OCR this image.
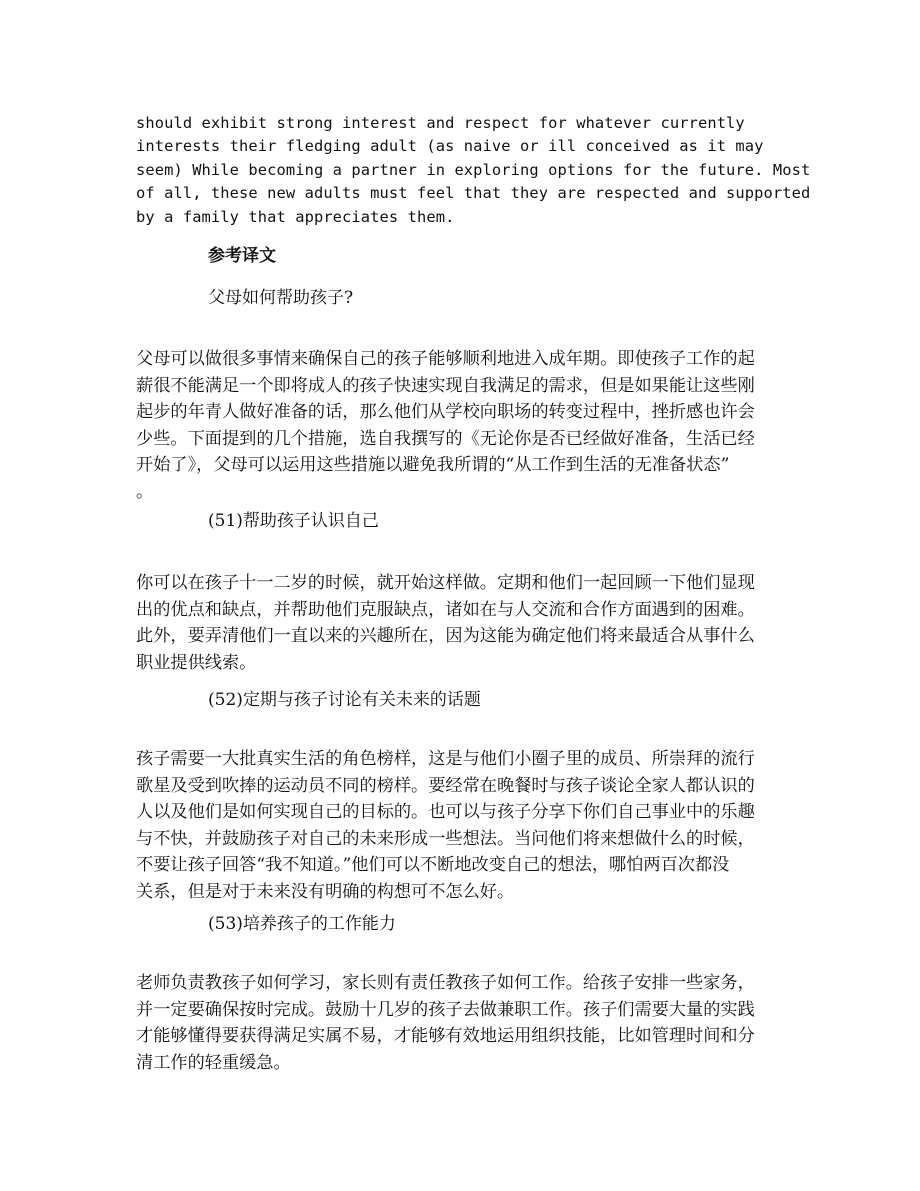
should exhibit strong interest and respect for whatever currently
interests their fledging adult (as naive or ill conceived as it may
seem) While becoming a partner in exploring options for the future. Most
of all, these new adults must feel that they are respected and supported
by a family that appreciates them.

参考译文

父母如何帮助孩子?

父母可以做很多事情来确保自己的孩子能够顺利地进入成年期。即使孩子工作的起
薪很不能满足一个即将成人的孩子快速实现自我满足的需求，但是如果能让这些刚
起步的年青人做好准备的话，那么他们从学校向职场的转变过程中，挫折感也许会
少些。下面提到的几个措施，选自我撰写的《无论你是否已经做好准备，生活已经
开始了》，父母可以运用这些措施以避免我所谓的“从工作到生活的无准备状态”
。

(51)帮助孩子认识自己

你可以在孩子十一二岁的时候，就开始这样做。定期和他们一起回顾一下他们显现
出的优点和缺点，并帮助他们克服缺点，诸如在与人交流和合作方面遇到的困难。
此外，要弄清他们一直以来的兴趣所在，因为这能为确定他们将来最适合从事什么
职业提供线索。

(52)定期与孩子讨论有关未来的话题

孩子需要一大批真实生活的角色榜样，这是与他们小圈子里的成员、所崇拜的流行
歌星及受到吹捧的运动员不同的榜样。要经常在晚餐时与孩子谈论全家人都认识的
人以及他们是如何实现自己的目标的。也可以与孩子分享下你们自己事业中的乐趣
与不快，并鼓励孩子对自己的未来形成一些想法。当问他们将来想做什么的时候，
不要让孩子回答“我不知道。”他们可以不断地改变自己的想法，哪怕两百次都没
关系，但是对于未来没有明确的构想可不怎么好。

(53)培养孩子的工作能力

老师负责教孩子如何学习，家长则有责任教孩子如何工作。给孩子安排一些家务，
并一定要确保按时完成。鼓励十几岁的孩子去做兼职工作。孩子们需要大量的实践
才能够懂得要获得满足实属不易，才能够有效地运用组织技能，比如管理时间和分
清工作的轻重缓急。
